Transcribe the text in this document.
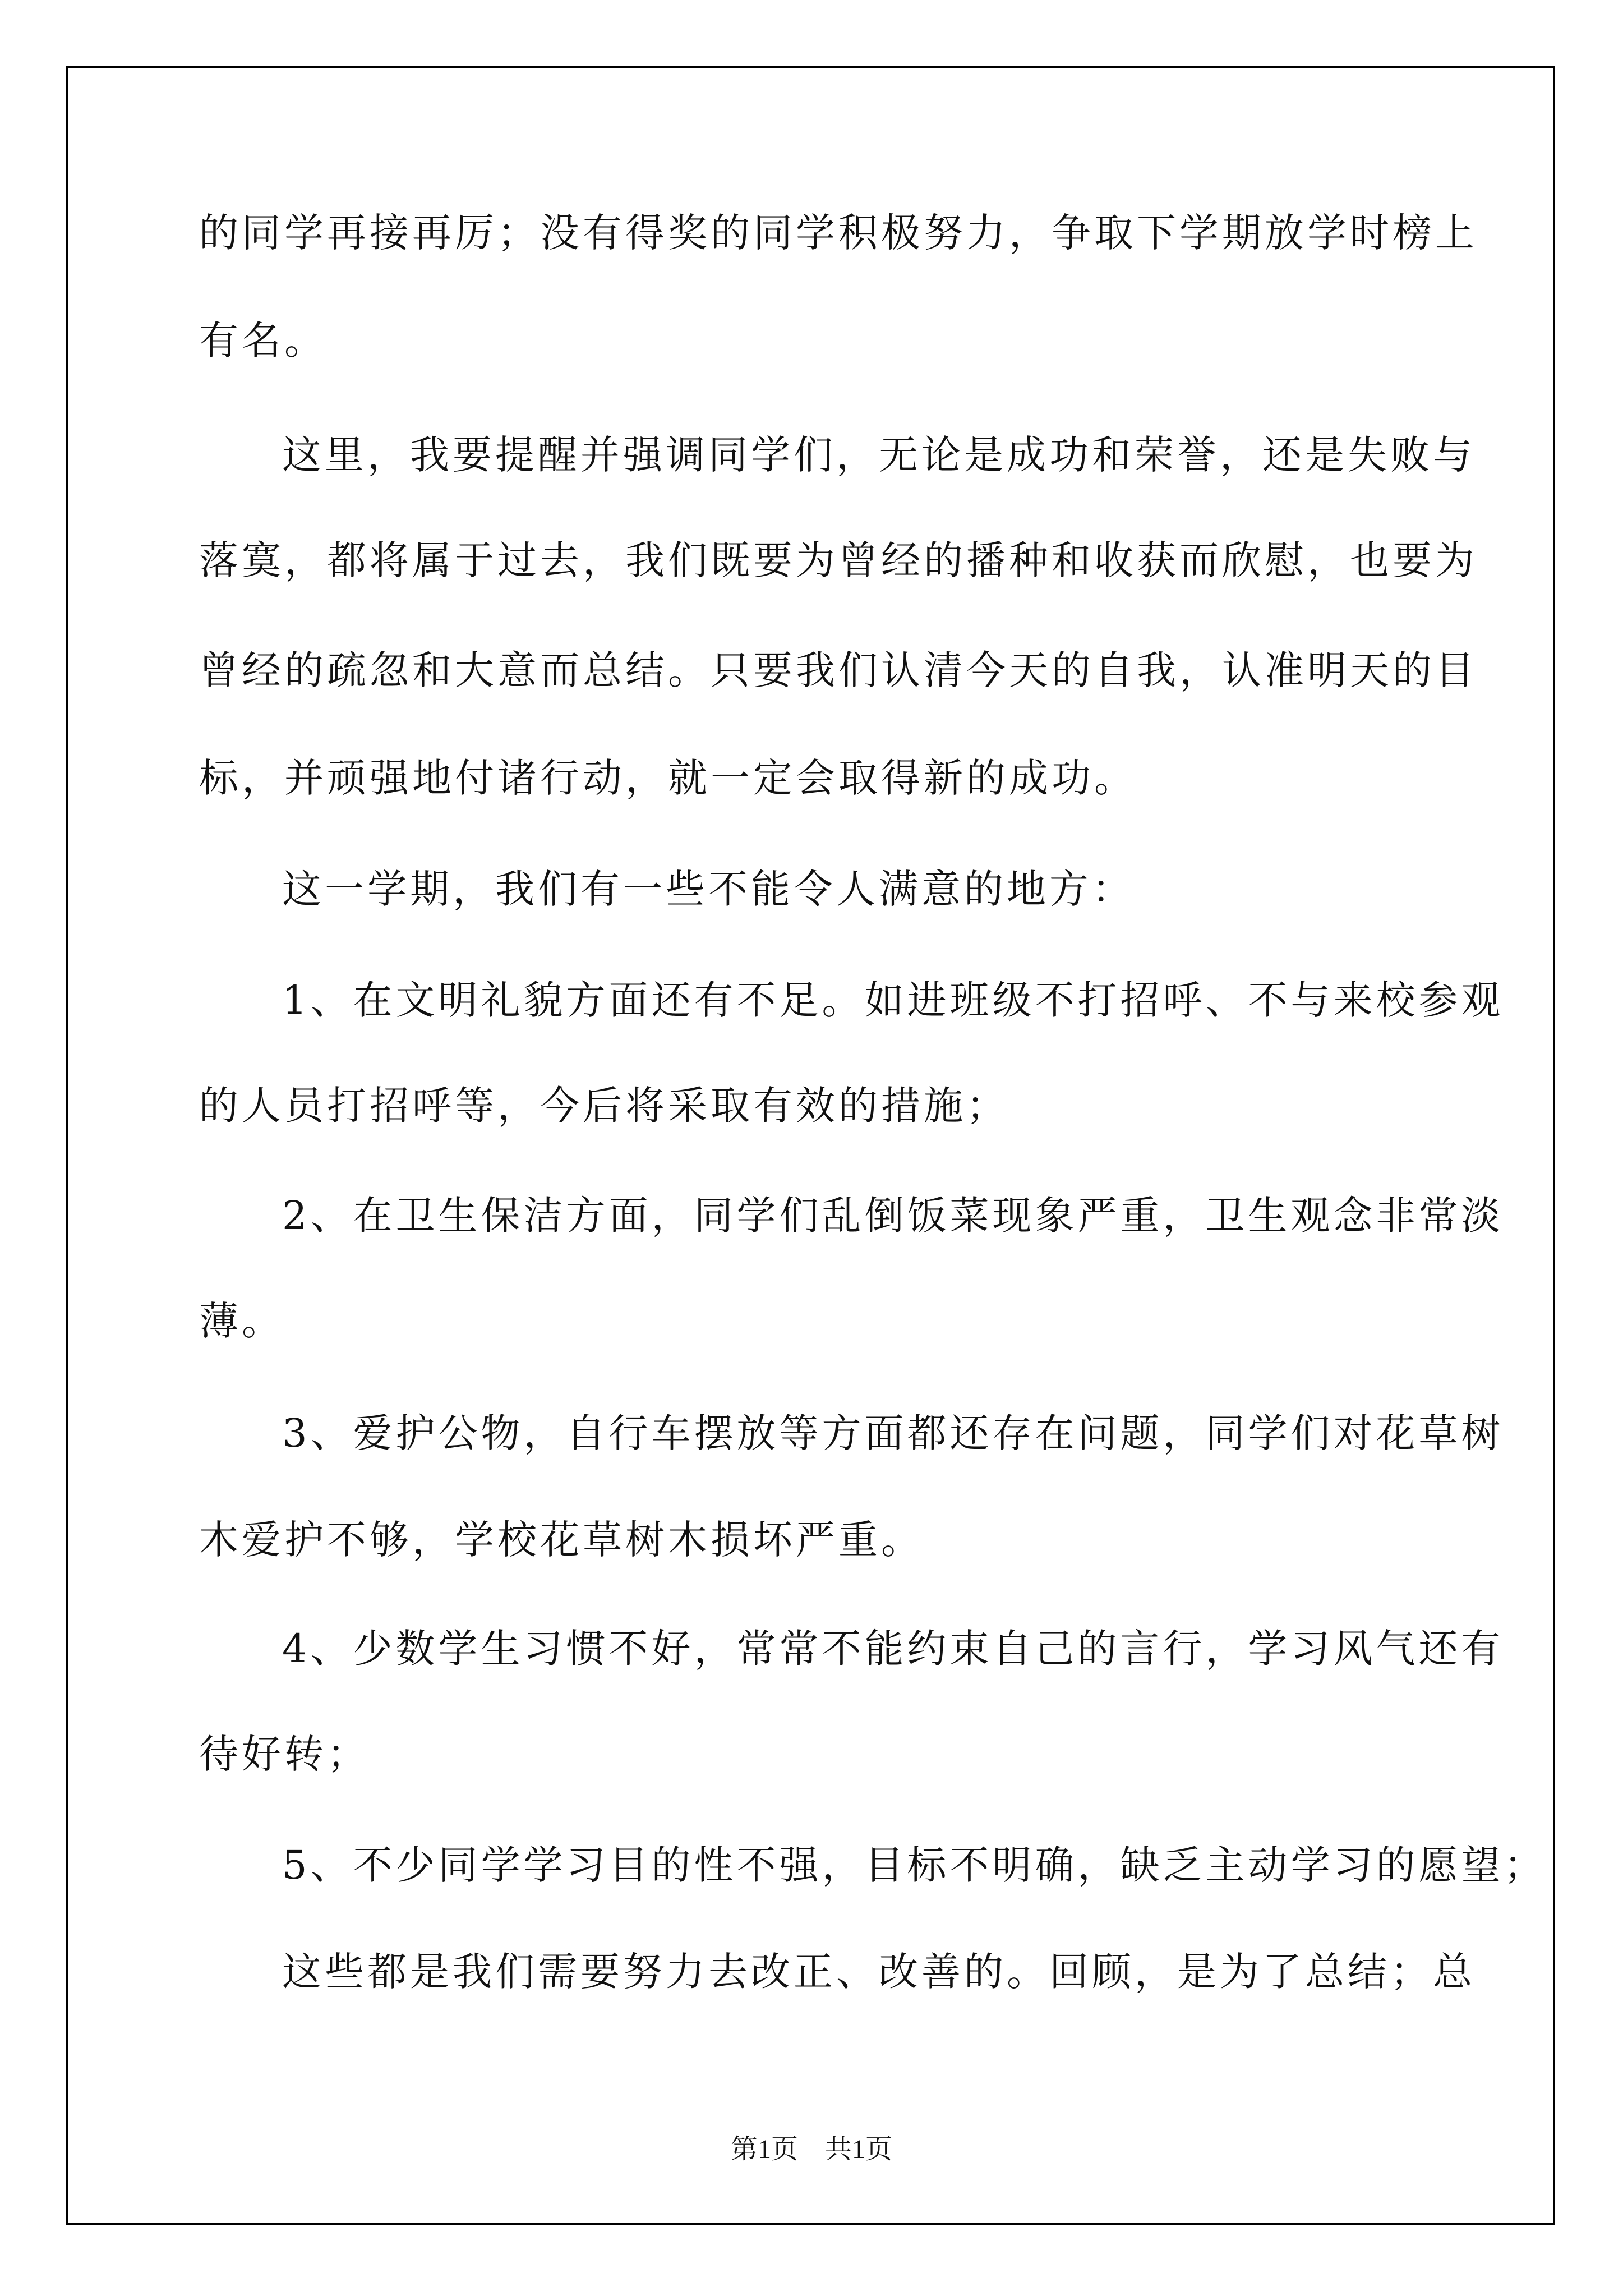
的同学再接再厉；没有得奖的同学积极努力，争取下学期放学时榜上
有名。
这里，我要提醒并强调同学们，无论是成功和荣誉，还是失败与
落寞，都将属于过去，我们既要为曾经的播种和收获而欣慰，也要为
曾经的疏忽和大意而总结。只要我们认清今天的自我，认准明天的目
标，并顽强地付诸行动，就一定会取得新的成功。
这一学期，我们有一些不能令人满意的地方：
1、在文明礼貌方面还有不足。如进班级不打招呼、不与来校参观
的人员打招呼等，今后将采取有效的措施；
2、在卫生保洁方面，同学们乱倒饭菜现象严重，卫生观念非常淡
薄。
3、爱护公物，自行车摆放等方面都还存在问题，同学们对花草树
木爱护不够，学校花草树木损坏严重。
4、少数学生习惯不好，常常不能约束自己的言行，学习风气还有
待好转；
5、不少同学学习目的性不强，目标不明确，缺乏主动学习的愿望；
这些都是我们需要努力去改正、改善的。回顾，是为了总结；总
第1页　共1页
